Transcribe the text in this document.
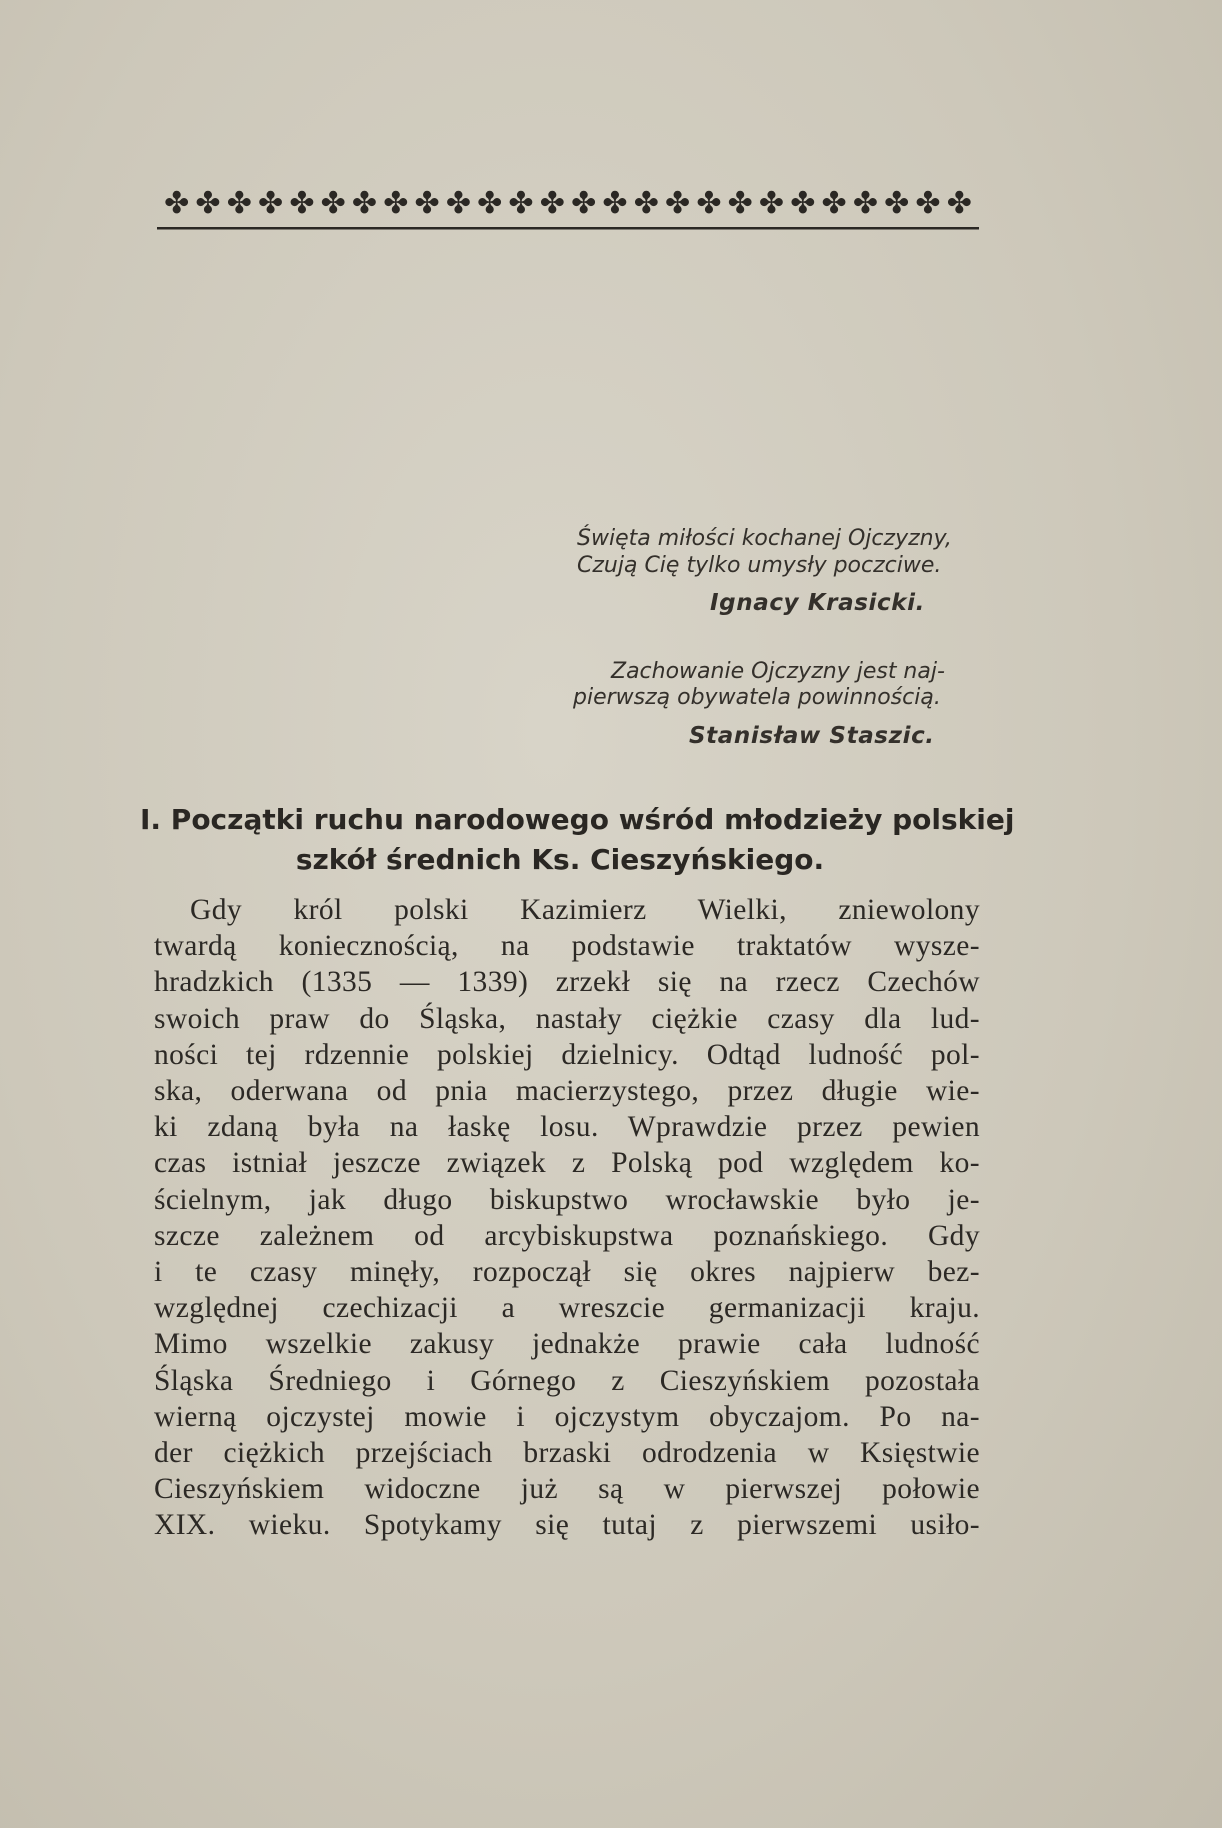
✤ ✤ ✤ ✤ ✤ ✤ ✤ ✤ ✤ ✤ ✤ ✤ ✤ ✤ ✤ ✤ ✤ ✤ ✤ ✤ ✤ ✤ ✤ ✤ ✤ ✤
Święta miłości kochanej Ojczyzny,
Czują Cię tylko umysły poczciwe.
Ignacy Krasicki.
Zachowanie Ojczyzny jest naj-
pierwszą obywatela powinnością.
Stanisław Staszic.
I. Początki ruchu narodowego wśród młodzieży polskiej
szkół średnich Ks. Cieszyńskiego.
Gdy król polski Kazimierz Wielki, zniewolony
twardą koniecznością, na podstawie traktatów wysze-
hradzkich (1335 — 1339) zrzekł się na rzecz Czechów
swoich praw do Śląska, nastały ciężkie czasy dla lud-
ności tej rdzennie polskiej dzielnicy. Odtąd ludność pol-
ska, oderwana od pnia macierzystego, przez długie wie-
ki zdaną była na łaskę losu. Wprawdzie przez pewien
czas istniał jeszcze związek z Polską pod względem ko-
ścielnym, jak długo biskupstwo wrocławskie było je-
szcze zależnem od arcybiskupstwa poznańskiego. Gdy
i te czasy minęły, rozpoczął się okres najpierw bez-
względnej czechizacji a wreszcie germanizacji kraju.
Mimo wszelkie zakusy jednakże prawie cała ludność
Śląska Średniego i Górnego z Cieszyńskiem pozostała
wierną ojczystej mowie i ojczystym obyczajom. Po na-
der ciężkich przejściach brzaski odrodzenia w Księstwie
Cieszyńskiem widoczne już są w pierwszej połowie
XIX. wieku. Spotykamy się tutaj z pierwszemi usiło-
